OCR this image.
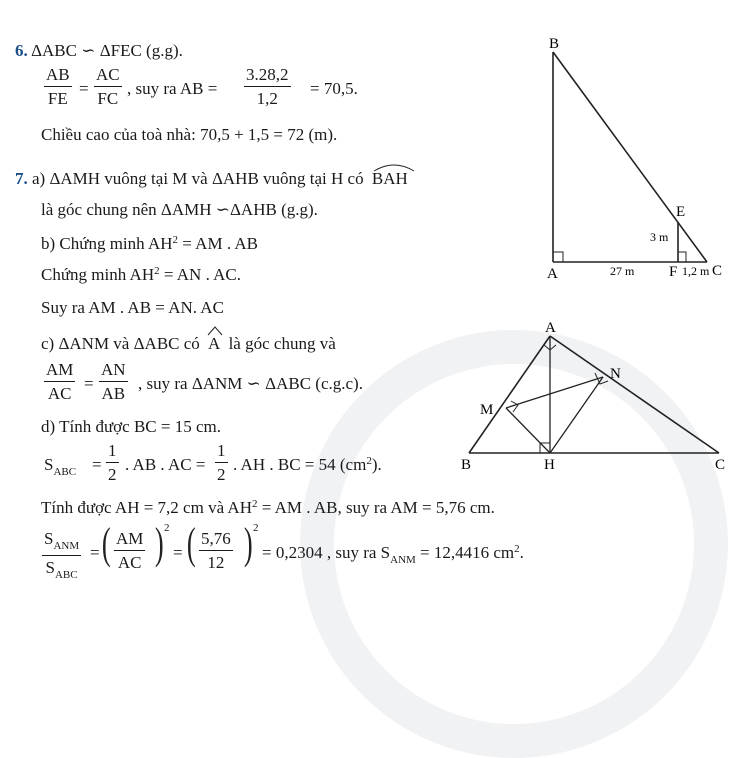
6. ΔABC ∽ ΔFEC (g.g).
AB
FE
=
AC
FC
, suy ra AB =
3.28,2
1,2
= 70,5.
Chiều cao của toà nhà: 70,5 + 1,5 = 72 (m).
B
A
E
F C
3 m
27 m	1,2 m
7. a) ΔAMH vuông tại M và ΔAHB vuông tại H có BAH
là góc chung nên ΔAMH ∽ΔAHB (g.g).
b) Chứng minh $AH^2$ = AM . AB
Chứng minh $AH^2$ = AN . AC.
Suy ra AM . AB = AN. AC
c) ΔANM và ΔABC có A là góc chung và
AM
AC
=
AN
AB
, suy ra ΔANM ∽ ΔABC (c.g.c).
d) Tính được BC = 15 cm.
$S_{ABC}$ =
1
2
. AB . AC =
1
2
. AH . BC = 54 $(cm^2)$.
Tính được AH = 7,2 cm và $AH^2$ = AM . AB, suy ra AM = 5,76 cm.
$S_{ANM}$
$S_{ABC}$
= ( AM
AC ) 2
= ( 5,76
12 ) 2
= 0,2304 , suy ra $S_{ANM} = 12,4416$ $cm^2$.
A
B	C
H
M
N
